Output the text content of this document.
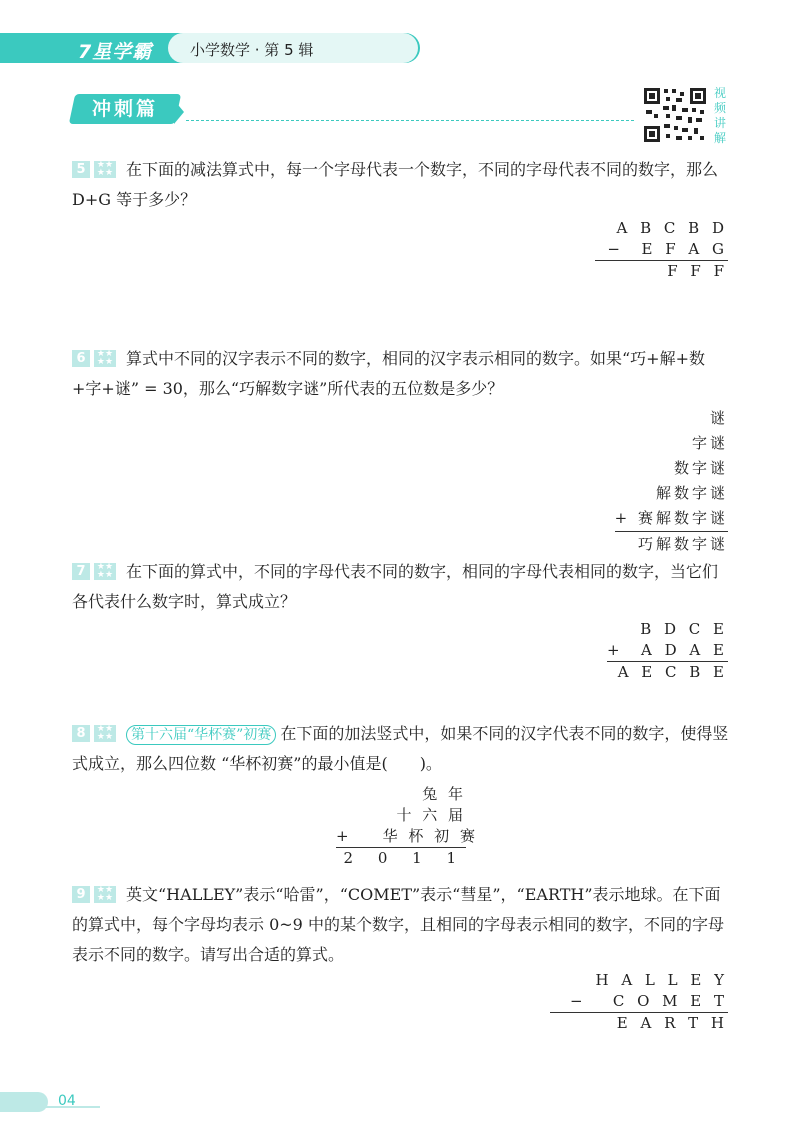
7星学霸	小学数学 · 第 5 辑
冲刺篇
视频讲解
5	★★
★★ 在下面的减法算式中，每一个字母代表一个数字，不同的字母代表不同的数字，那么 D+G 等于多少？
A B C B D
−  E F A G
F F F
6	★★
★★ 算式中不同的汉字表示不同的数字，相同的汉字表示相同的数字。如果“巧+解+数+字+谜” = 30，那么“巧解数字谜”所代表的五位数是多少？
谜
字谜
数字谜
解数字谜
+ 赛解数字谜
巧解数字谜
7	★★
★★ 在下面的算式中，不同的字母代表不同的数字，相同的字母代表相同的数字，当它们各代表什么数字时，算式成立？
B D C E
+  A D A E
A E C B E
8	★★
★★	第十六届“华杯赛”初赛 在下面的加法竖式中，如果不同的汉字代表不同的数字，使得竖式成立，那么四位数 “华杯初赛”的最小值是(　　)。
兔 年
十 六 届
+    华 杯 初 赛
2 0 1 1
9	★★
★★ 英文“HALLEY”表示“哈雷”，“COMET”表示“彗星”，“EARTH”表示地球。在下面的算式中，每个字母均表示 0~9 中的某个数字，且相同的字母表示相同的数字，不同的字母表示不同的数字。请写出合适的算式。
H A L L E Y
−   C O M E T
E A R T H
04
